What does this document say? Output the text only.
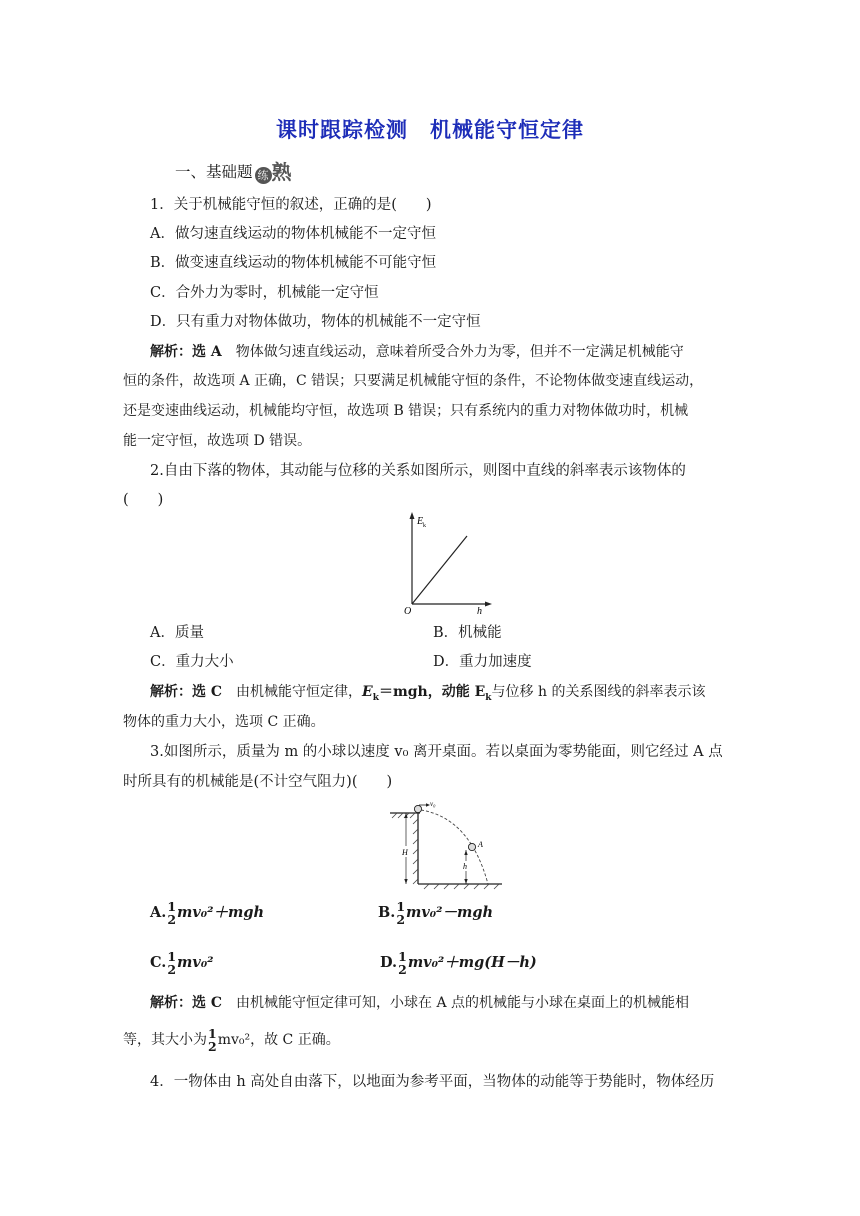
课时跟踪检测　机械能守恒定律
一、基础题 练 熟
1．关于机械能守恒的叙述，正确的是(　　)
A．做匀速直线运动的物体机械能不一定守恒
B．做变速直线运动的物体机械能不可能守恒
C．合外力为零时，机械能一定守恒
D．只有重力对物体做功，物体的机械能不一定守恒
解析：选 A　 物体做匀速直线运动，意味着所受合外力为零，但并不一定满足机械能守
恒的条件，故选项 A 正确，C 错误；只要满足机械能守恒的条件，不论物体做变速直线运动，
还是变速曲线运动，机械能均守恒，故选项 B 错误；只有系统内的重力对物体做功时，机械
能一定守恒，故选项 D 错误。
2.自由下落的物体，其动能与位移的关系如图所示，则图中直线的斜率表示该物体的
(　　)
E k
O	h
A．质量	B．机械能
C．重力大小	D．重力加速度
解析：选 C　 由机械能守恒定律，$E_k=mgh$，动能 $E_k$与位移 h 的关系图线的斜率表示该
物体的重力大小，选项 C 正确。
3.如图所示，质量为 m 的小球以速度 v₀ 离开桌面。若以桌面为零势能面，则它经过 A 点
时所具有的机械能是(不计空气阻力)(　　)
v₀
A
H
h
A. 1
2 mv₀²＋mgh	B. 1
2 mv₀²－mgh
C. 1
2 mv₀²	D. 1
2 mv₀²＋mg(H－h)
解析：选 C　 由机械能守恒定律可知，小球在 A 点的机械能与小球在桌面上的机械能相
等，其大小为 1
2 mv₀²，故 C 正确。
4．一物体由 h 高处自由落下，以地面为参考平面，当物体的动能等于势能时，物体经历
